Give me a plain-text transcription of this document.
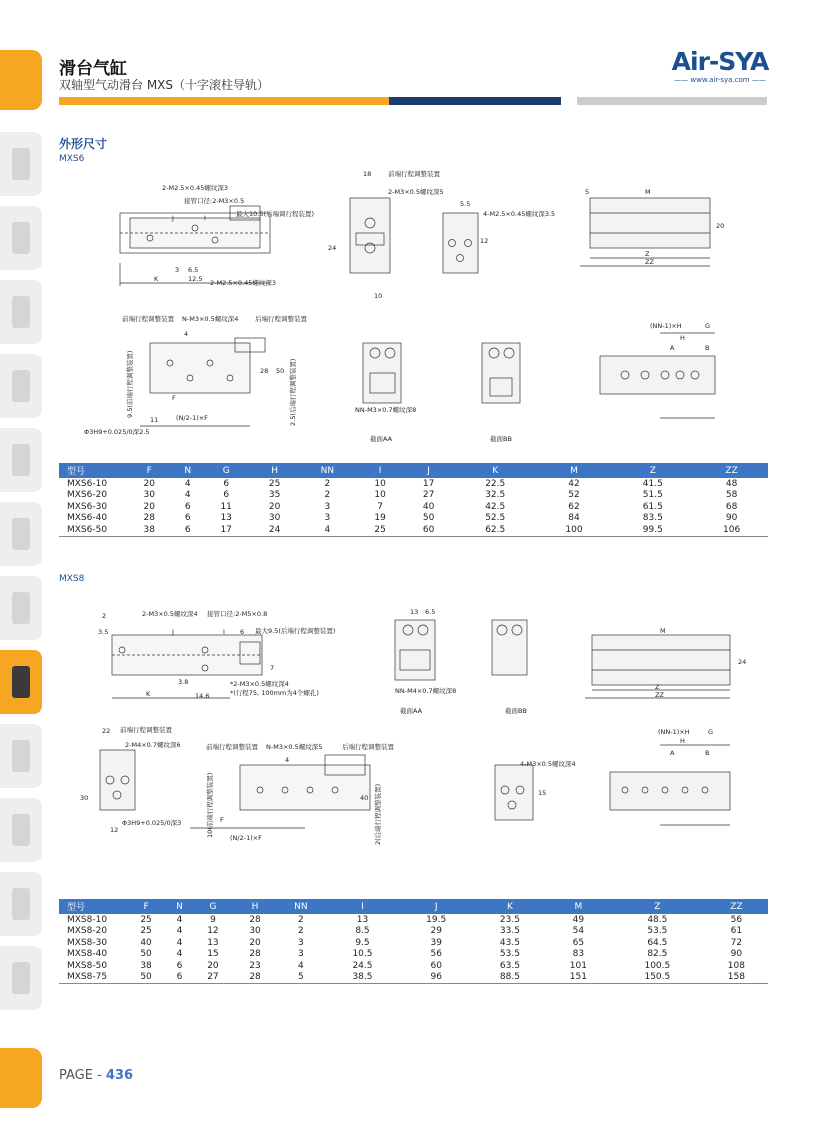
滑台气缸
双轴型气动滑台 MXS（十字滚柱导轨）
Air-SYA
—— www.air-sya.com ——
外形尺寸
MXS6
2-M2.5×0.45螺纹深3
接管口径:2-M3×0.5
最大10.5(后端调行程装置)
2-M2.5×0.45螺纹深3
前端行程调整装置
2-M3×0.5螺纹深5
4-M2.5×0.45螺纹深3.5
前端行程调整装置 N-M3×0.5螺纹深4	后端行程调整装置
9.5(前端行程调整装置)	2.5(后端行程调整装置)
Φ3H9+0.025/0深2.5
NN-M3×0.7螺纹深8
截面AA	截面BB
(NN-1)×H
J	I
K
F
(N/2-1)×F
M
Z
ZZ
H
G
A	B
18
24
10
20
5
3
12.5
6.5
5.5
12
28 50
11
4
型号	F	N	G	H	NN	I	J	K	M	Z	ZZ
MXS6-10	20	4	6	25	2	10	17	22.5	42	41.5	48
MXS6-20	30	4	6	35	2	10	27	32.5	52	51.5	58
MXS6-30	20	6	11	20	3	7	40	42.5	62	61.5	68
MXS6-40	28	6	13	30	3	19	50	52.5	84	83.5	90
MXS6-50	38	6	17	24	4	25	60	62.5	100	99.5	106
MXS8
2-M3×0.5螺纹深4 接管口径:2-M5×0.8
最大9.5(后端行程调整装置)
*2-M3×0.5螺纹深4
*(行程75, 100mm为4个螺孔)	NN-M4×0.7螺纹深8
截面AA	截面BB
前端行程调整装置
2-M4×0.7螺纹深6	前端行程调整装置 N-M3×0.5螺纹深5	后端行程调整装置
4-M3×0.5螺纹深4
10(前端行程调整装置)	2(后端行程调整装置)
Φ3H9+0.025/0深3
(NN-1)×H
J	I
K
F
(N/2-1)×F
M
Z
ZZ
H
G
A	B
22
24
30	40
12
14.6
3.8
6
7
2
3.5
6.5
13
15
4
型号	F	N	G	H	NN	I	J	K	M	Z	ZZ
MXS8-10	25	4	9	28	2	13	19.5	23.5	49	48.5	56
MXS8-20	25	4	12	30	2	8.5	29	33.5	54	53.5	61
MXS8-30	40	4	13	20	3	9.5	39	43.5	65	64.5	72
MXS8-40	50	4	15	28	3	10.5	56	53.5	83	82.5	90
MXS8-50	38	6	20	23	4	24.5	60	63.5	101	100.5	108
MXS8-75	50	6	27	28	5	38.5	96	88.5	151	150.5	158
PAGE - 436
